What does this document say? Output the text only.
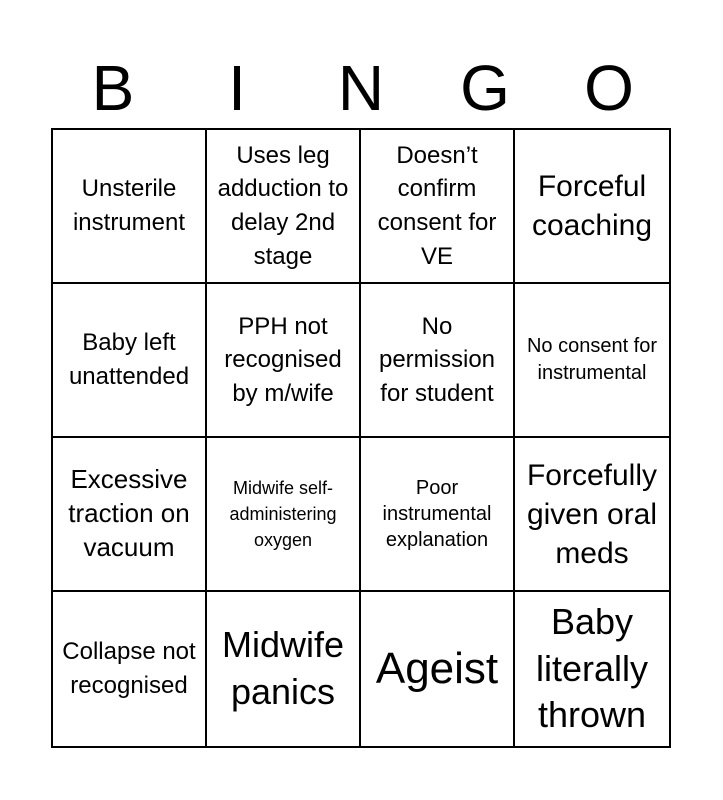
B	I	N	G	O
Unsterile instrument
Uses leg adduction to delay 2nd stage
Doesn’t confirm consent for VE
Forceful coaching
Baby left unattended
PPH not recognised by m/wife
No permission for student
No consent for instrumental
Excessive traction on vacuum
Midwife self-administering oxygen
Poor instrumental explanation
Forcefully given oral meds
Collapse not recognised
Midwife panics Ageist
Baby literally thrown
